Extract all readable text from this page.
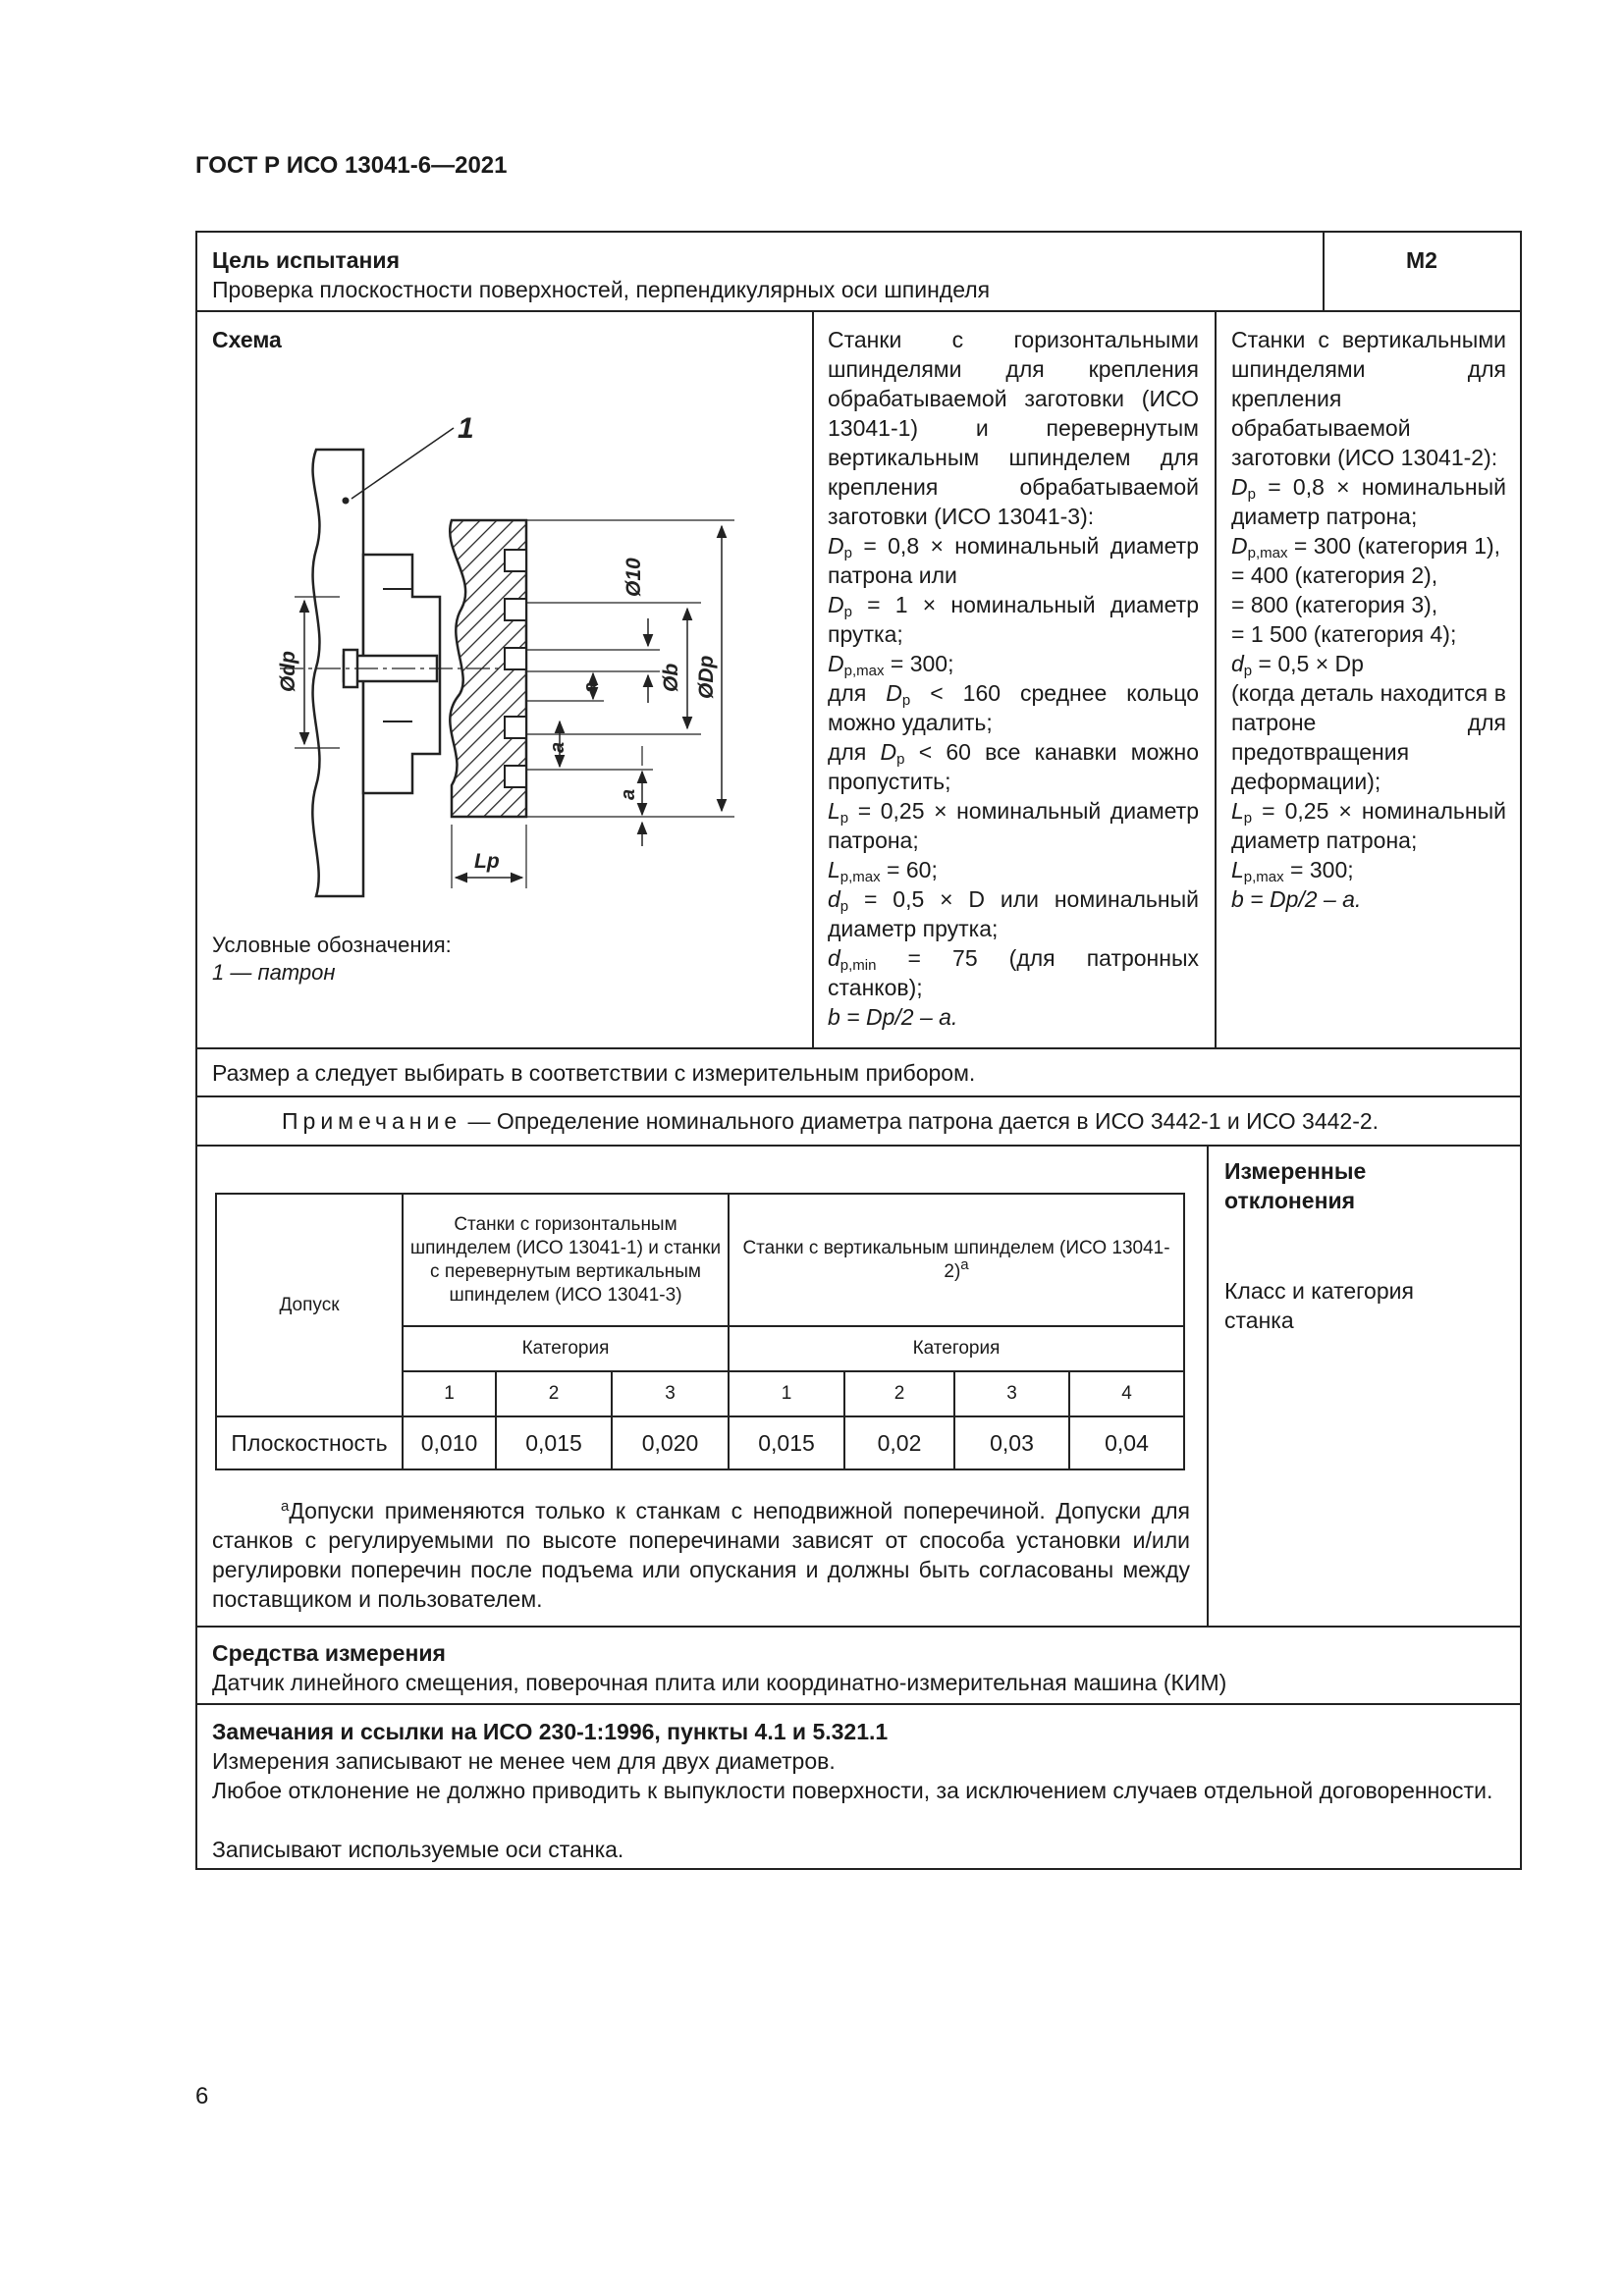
ГОСТ Р ИСО 13041-6—2021
Цель испытания
Проверка плоскостности поверхностей, перпендикулярных оси шпинделя
М2
Схема
1
Ø10
Øb ØDp
Ødp	a
a
a
Lp
Условные обозначения:
1 — патрон
Станки с горизонтальными шпинделями для крепления обрабатываемой заготовки (ИСО 13041-1) и перевернутым вертикальным шпинделем для крепления обрабатываемой заготовки (ИСО 13041-3):
$D_p = 0,8$ × номинальный диаметр патрона или
$D_p = 1$ × номинальный диаметр прутка;
$D_{p,max} = 300$;
для $D_p < 160$ среднее кольцо можно удалить;
для $D_p < 60$ все канавки можно пропустить;
$L_p = 0,25$ × номинальный диаметр патрона;
$L_{p,max} = 60$;
$d_p = 0,5 \times D$ или номинальный диаметр прутка;
$d_{p,min} = 75$ (для патронных станков);
b = Dp/2 – a.
Станки с вертикальными шпинделями для крепления обрабатываемой заготовки (ИСО 13041-2):
$D_p = 0,8$ × номинальный диаметр патрона;
$D_{p,max} = 300$ (категория 1),
= 400 (категория 2),
= 800 (категория 3),
= 1 500 (категория 4);
$d_p = 0,5 \times Dp$
(когда деталь находится в патроне для предотвращения деформации);
$L_p = 0,25$ × номинальный диаметр патрона;
$L_{p,max} = 300$;
b = Dp/2 – a.
Размер a следует выбирать в соответствии с измерительным прибором.
Примечание — Определение номинального диаметра патрона дается в ИСО 3442-1 и ИСО 3442-2.
Допуск	Станки с горизонтальным шпинделем (ИСО 13041-1) и станки с перевернутым вертикальным шпинделем (ИСО 13041-3)			Станки с вертикальным шпинделем (ИСО 13041-2)$^a$
	Категория			Категория			
	1	2	3	1	2	3	4
Плоскостность	0,010	0,015	0,020	0,015	0,02	0,03	0,04
$^a$Допуски применяются только к станкам с неподвижной поперечиной. Допуски для станков с регулируемыми по высоте поперечинами зависят от способа установки и/или регулировки поперечин после подъема или опускания и должны быть согласованы между поставщиком и пользователем.
Измеренные отклонения
Класс и категория станка
Средства измерения
Датчик линейного смещения, поверочная плита или координатно-измерительная машина (КИМ)
Замечания и ссылки на ИСО 230-1:1996, пункты 4.1 и 5.321.1
Измерения записывают не менее чем для двух диаметров.
Любое отклонение не должно приводить к выпуклости поверхности, за исключением случаев отдельной договоренности.
Записывают используемые оси станка.
6
